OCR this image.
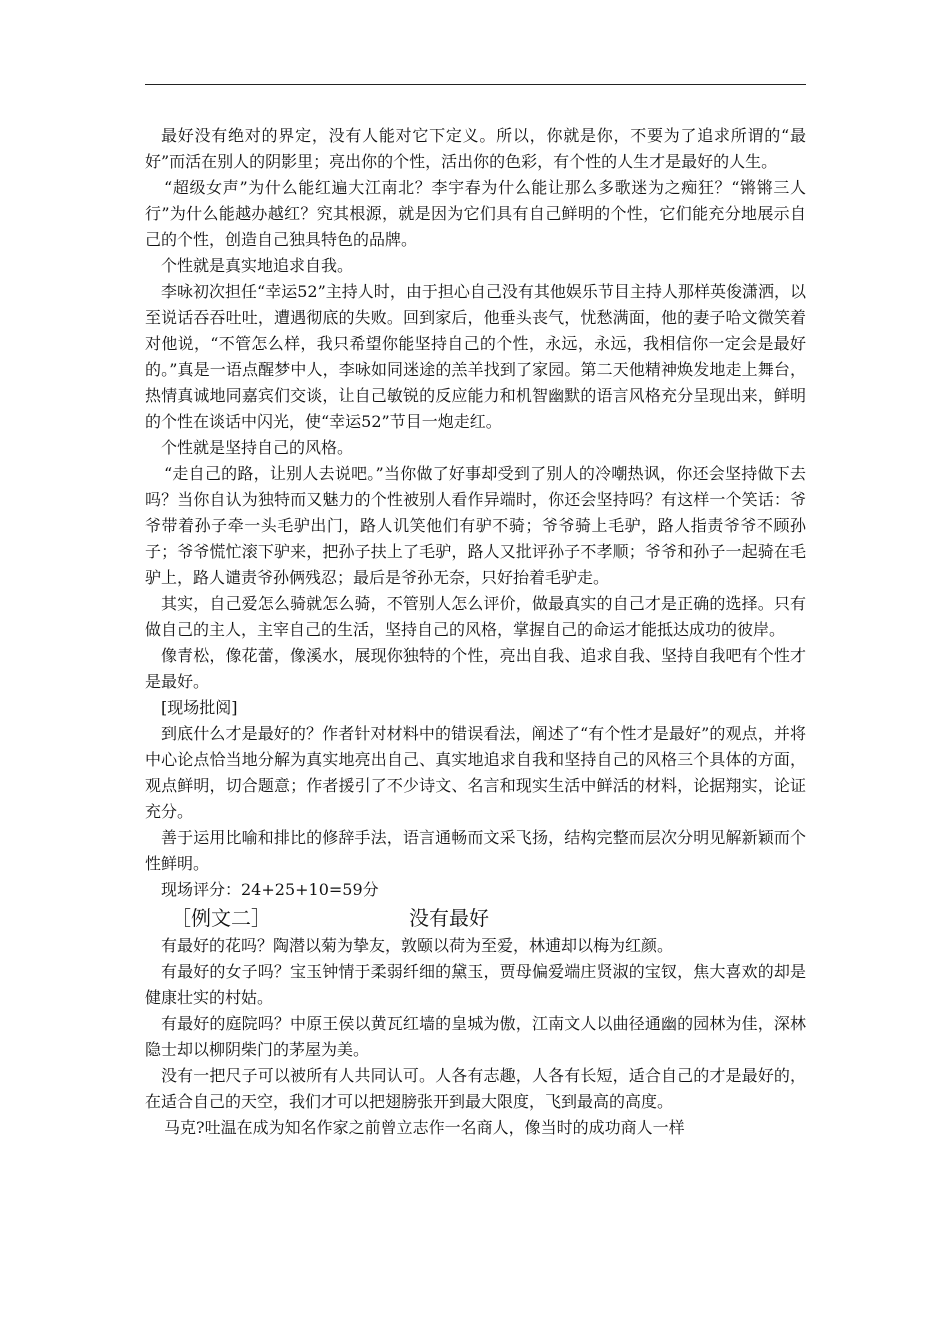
最好没有绝对的界定，没有人能对它下定义。所以，你就是你，不要为了追求所谓的“最好”而活在别人的阴影里；亮出你的个性，活出你的色彩，有个性的人生才是最好的人生。

“超级女声”为什么能红遍大江南北？李宇春为什么能让那么多歌迷为之痴狂？“锵锵三人行”为什么能越办越红？究其根源，就是因为它们具有自己鲜明的个性，它们能充分地展示自己的个性，创造自己独具特色的品牌。

个性就是真实地追求自我。

李咏初次担任“幸运52”主持人时，由于担心自己没有其他娱乐节目主持人那样英俊潇洒，以至说话吞吞吐吐，遭遇彻底的失败。回到家后，他垂头丧气，忧愁满面，他的妻子哈文微笑着对他说，“不管怎么样，我只希望你能坚持自己的个性，永远，永远，我相信你一定会是最好的。”真是一语点醒梦中人，李咏如同迷途的羔羊找到了家园。第二天他精神焕发地走上舞台，热情真诚地同嘉宾们交谈，让自己敏锐的反应能力和机智幽默的语言风格充分呈现出来，鲜明的个性在谈话中闪光，使“幸运52”节目一炮走红。

个性就是坚持自己的风格。

“走自己的路，让别人去说吧。”当你做了好事却受到了别人的冷嘲热讽，你还会坚持做下去吗？当你自认为独特而又魅力的个性被别人看作异端时，你还会坚持吗？有这样一个笑话：爷爷带着孙子牵一头毛驴出门，路人讥笑他们有驴不骑；爷爷骑上毛驴，路人指责爷爷不顾孙子；爷爷慌忙滚下驴来，把孙子扶上了毛驴，路人又批评孙子不孝顺；爷爷和孙子一起骑在毛驴上，路人谴责爷孙俩残忍；最后是爷孙无奈，只好抬着毛驴走。

其实，自己爱怎么骑就怎么骑，不管别人怎么评价，做最真实的自己才是正确的选择。只有做自己的主人，主宰自己的生活，坚持自己的风格，掌握自己的命运才能抵达成功的彼岸。

像青松，像花蕾，像溪水，展现你独特的个性，亮出自我、追求自我、坚持自我吧有个性才是最好。

[现场批阅]

到底什么才是最好的？作者针对材料中的错误看法，阐述了“有个性才是最好”的观点，并将中心论点恰当地分解为真实地亮出自己、真实地追求自我和坚持自己的风格三个具体的方面，观点鲜明，切合题意；作者援引了不少诗文、名言和现实生活中鲜活的材料，论据翔实，论证充分。

善于运用比喻和排比的修辞手法，语言通畅而文采飞扬，结构完整而层次分明见解新颖而个性鲜明。

现场评分：24+25+10=59分

［例文二］	没有最好

有最好的花吗？陶潜以菊为挚友，敦颐以荷为至爱，林逋却以梅为红颜。

有最好的女子吗？宝玉钟情于柔弱纤细的黛玉，贾母偏爱端庄贤淑的宝钗，焦大喜欢的却是健康壮实的村姑。

有最好的庭院吗？中原王侯以黄瓦红墙的皇城为傲，江南文人以曲径通幽的园林为佳，深林隐士却以柳阴柴门的茅屋为美。

没有一把尺子可以被所有人共同认可。人各有志趣，人各有长短，适合自己的才是最好的，在适合自己的天空，我们才可以把翅膀张开到最大限度，飞到最高的高度。

马克?吐温在成为知名作家之前曾立志作一名商人，像当时的成功商人一样
